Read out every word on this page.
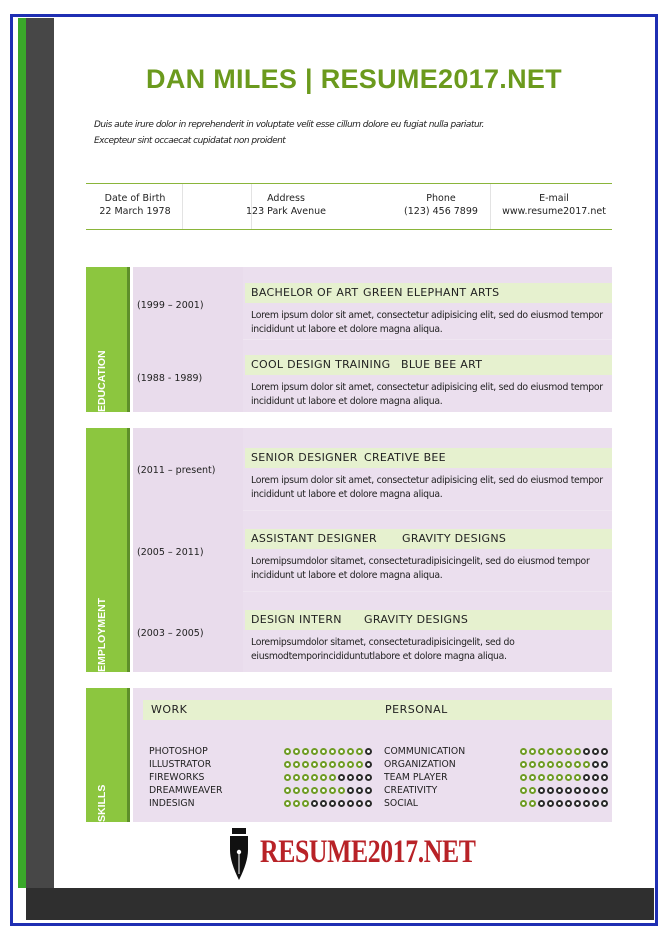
DAN MILES | RESUME2017.NET
Duis aute irure dolor in reprehenderit in voluptate velit esse cillum dolore eu fugiat nulla pariatur.
Excepteur sint occaecat cupidatat non proident
Date of Birth
22 March 1978
Address
123 Park Avenue
Phone
(123) 456 7899
E-mail
www.resume2017.net
EDUCATION
(1999 – 2001)
BACHELOR OF ART GREEN ELEPHANT ARTS
Lorem ipsum dolor sit amet, consectetur adipisicing elit, sed do eiusmod tempor
incididunt ut labore et dolore magna aliqua.
(1988 - 1989)
COOL DESIGN TRAINING BLUE BEE ART
Lorem ipsum dolor sit amet, consectetur adipisicing elit, sed do eiusmod tempor
incididunt ut labore et dolore magna aliqua.
EMPLOYMENT
(2011 – present)
SENIOR DESIGNER CREATIVE BEE
Lorem ipsum dolor sit amet, consectetur adipisicing elit, sed do eiusmod tempor
incididunt ut labore et dolore magna aliqua.
(2005 – 2011)
ASSISTANT DESIGNER GRAVITY DESIGNS
Loremipsumdolor sitamet, consecteturadipisicingelit, sed do eiusmod tempor
incididunt ut labore et dolore magna aliqua.
(2003 – 2005)
DESIGN INTERN GRAVITY DESIGNS
Loremipsumdolor sitamet, consecteturadipisicingelit, sed do
eiusmodtemporincididuntutlabore et dolore magna aliqua.
SKILLS
WORK	PERSONAL
PHOTOSHOP
ILLUSTRATOR
FIREWORKS
DREAMWEAVER
INDESIGN
COMMUNICATION
ORGANIZATION
TEAM PLAYER
CREATIVITY
SOCIAL
RESUME2017.NET
